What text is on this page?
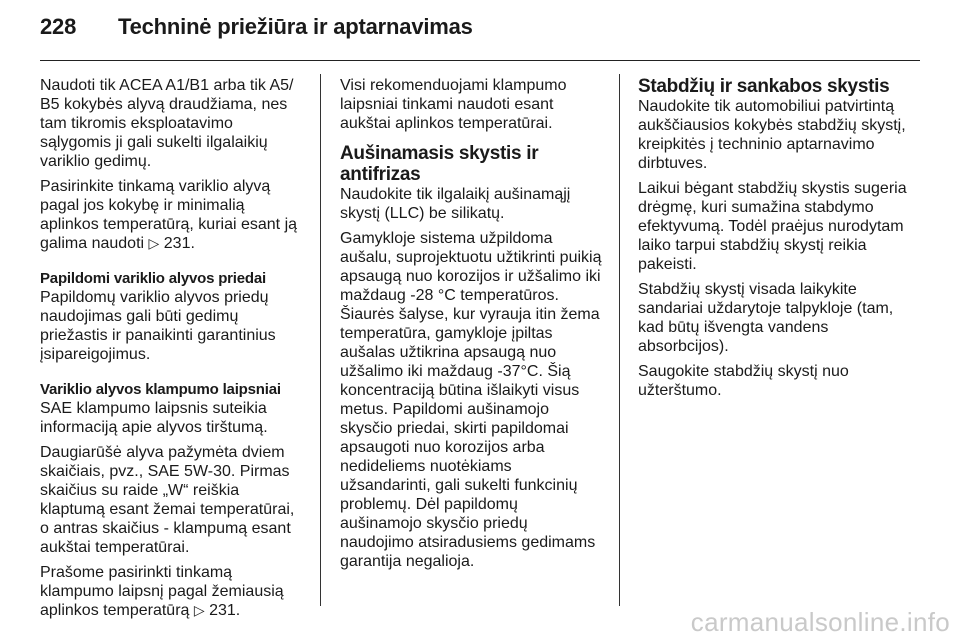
228	Techninė priežiūra ir aptarnavimas

Naudoti tik ACEA A1/B1 arba tik A5/ B5 kokybės alyvą draudžiama, nes tam tikromis eksploatavimo sąlygomis ji gali sukelti ilgalaikių variklio gedimų.

Pasirinkite tinkamą variklio alyvą pagal jos kokybę ir minimalią aplinkos temperatūrą, kuriai esant ją galima naudoti ▷ 231.

Papildomi variklio alyvos priedai

Papildomų variklio alyvos priedų naudojimas gali būti gedimų priežastis ir panaikinti garantinius įsipareigojimus.

Variklio alyvos klampumo laipsniai

SAE klampumo laipsnis suteikia informaciją apie alyvos tirštumą.

Daugiarūšė alyva pažymėta dviem skaičiais, pvz., SAE 5W-30. Pirmas skaičius su raide „W“ reiškia klaptumą esant žemai temperatūrai, o antras skaičius - klampumą esant aukštai temperatūrai.

Prašome pasirinkti tinkamą klampumo laipsnį pagal žemiausią aplinkos temperatūrą ▷ 231.

Visi rekomenduojami klampumo laipsniai tinkami naudoti esant aukštai aplinkos temperatūrai.

Aušinamasis skystis ir antifrizas

Naudokite tik ilgalaikį aušinamąjį skystį (LLC) be silikatų.

Gamykloje sistema užpildoma aušalu, suprojektuotu užtikrinti puikią apsaugą nuo korozijos ir užšalimo iki maždaug -28 °C temperatūros. Šiaurės šalyse, kur vyrauja itin žema temperatūra, gamykloje įpiltas aušalas užtikrina apsaugą nuo užšalimo iki maždaug -37°C. Šią koncentraciją būtina išlaikyti visus metus. Papildomi aušinamojo skysčio priedai, skirti papildomai apsaugoti nuo korozijos arba nedideliems nuotėkiams užsandarinti, gali sukelti funkcinių problemų. Dėl papildomų aušinamojo skysčio priedų naudojimo atsiradusiems gedimams garantija negalioja.

Stabdžių ir sankabos skystis

Naudokite tik automobiliui patvirtintą aukščiausios kokybės stabdžių skystį, kreipkitės į techninio aptarnavimo dirbtuves.

Laikui bėgant stabdžių skystis sugeria drėgmę, kuri sumažina stabdymo efektyvumą. Todėl praėjus nurodytam laiko tarpui stabdžių skystį reikia pakeisti.

Stabdžių skystį visada laikykite sandariai uždarytoje talpykloje (tam, kad būtų išvengta vandens absorbcijos).

Saugokite stabdžių skystį nuo užterštumo.

carmanualsonline.info
